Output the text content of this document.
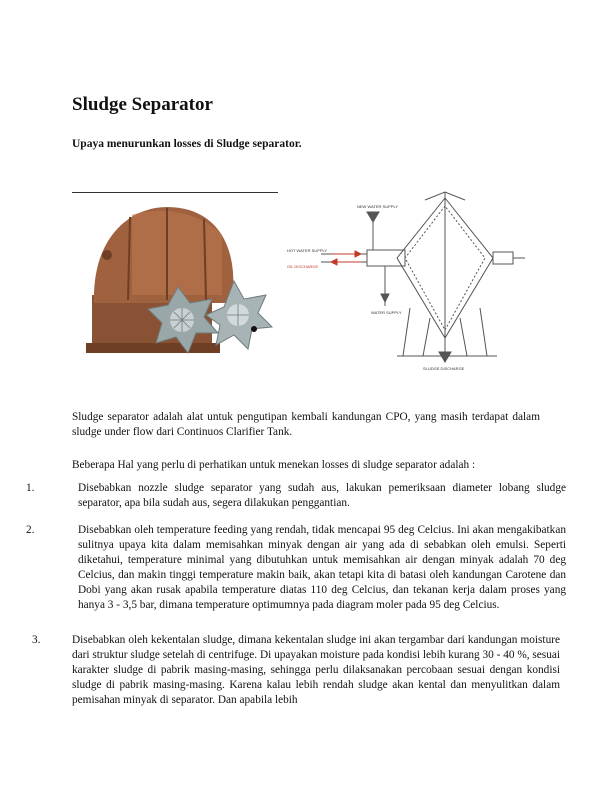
Sludge Separator
Upaya menurunkan losses di Sludge separator.
NEW WATER SUPPLY
HOT WATER SUPPLY
OIL DISCHARGE
WATER SUPPLY
SLUDGE DISCHARGE

Sludge separator adalah alat untuk pengutipan kembali kandungan CPO, yang masih terdapat dalam sludge under flow dari Continuos Clarifier Tank.

Beberapa Hal yang perlu di perhatikan untuk menekan losses di sludge separator adalah :

1.	Disebabkan nozzle sludge separator yang sudah aus, lakukan pemeriksaan diameter lobang sludge separator, apa bila sudah aus, segera dilakukan penggantian.

2.	Disebabkan oleh temperature feeding yang rendah, tidak mencapai 95 deg Celcius. Ini akan mengakibatkan sulitnya upaya kita dalam memisahkan minyak dengan air yang ada di sebabkan oleh emulsi. Seperti diketahui, temperature minimal yang dibutuhkan untuk memisahkan air dengan minyak adalah 70 deg Celcius, dan makin tinggi temperature makin baik, akan tetapi kita di batasi oleh kandungan Carotene dan Dobi yang akan rusak apabila temperature diatas 110 deg Celcius, dan tekanan kerja dalam proses yang hanya 3 - 3,5 bar, dimana temperature optimumnya pada diagram moler pada 95 deg Celcius.

3.	Disebabkan oleh kekentalan sludge, dimana kekentalan sludge ini akan tergambar dari kandungan moisture dari struktur sludge setelah di centrifuge. Di upayakan moisture pada kondisi lebih kurang 30 - 40 %, sesuai karakter sludge di pabrik masing-masing, sehingga perlu dilaksanakan percobaan sesuai dengan kondisi sludge di pabrik masing-masing. Karena kalau lebih rendah sludge akan kental dan menyulitkan dalam pemisahan minyak di separator. Dan apabila lebih
